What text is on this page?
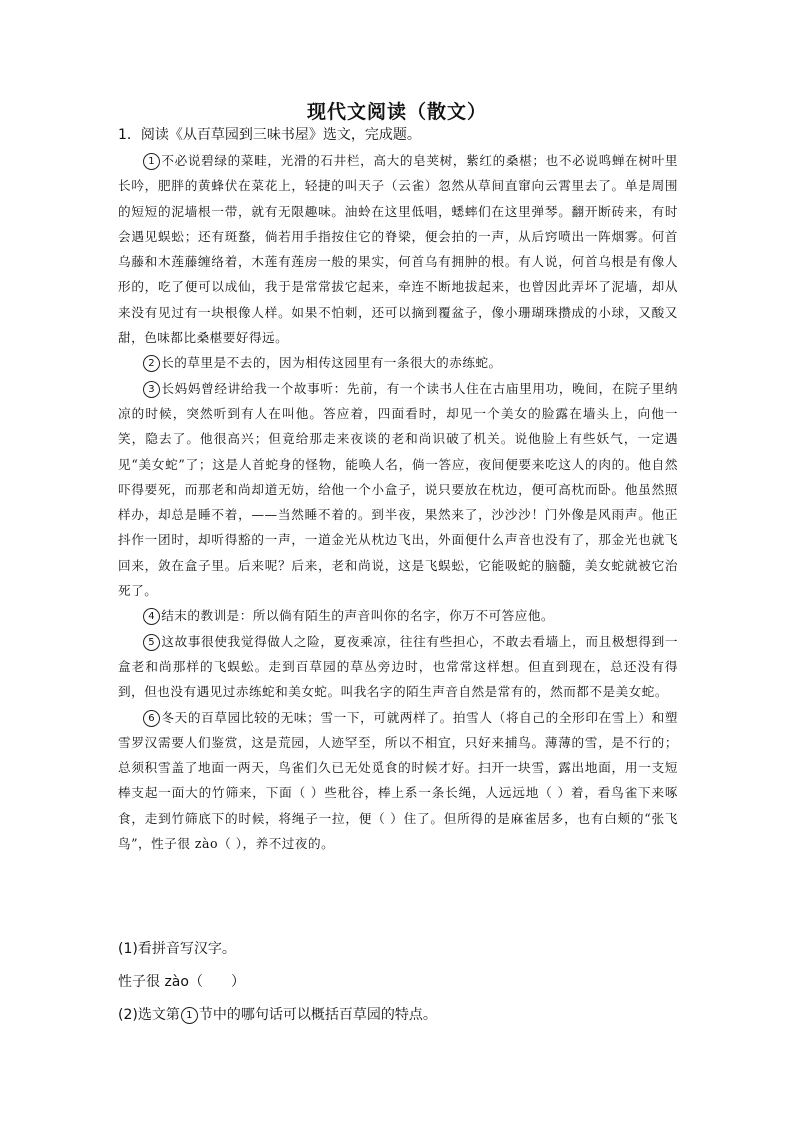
现代文阅读（散文）
1．阅读《从百草园到三味书屋》选文，完成题。

1 不必说碧绿的菜畦，光滑的石井栏，高大的皂荚树，紫红的桑椹；也不必说鸣蝉在树叶里长吟，肥胖的黄蜂伏在菜花上，轻捷的叫天子（云雀）忽然从草间直窜向云霄里去了。单是周围的短短的泥墙根一带，就有无限趣味。油蛉在这里低唱，蟋蟀们在这里弹琴。翻开断砖来，有时会遇见蜈蚣；还有斑蝥，倘若用手指按住它的脊梁，便会拍的一声，从后窍喷出一阵烟雾。何首乌藤和木莲藤缠络着，木莲有莲房一般的果实，何首乌有拥肿的根。有人说，何首乌根是有像人形的，吃了便可以成仙，我于是常常拔它起来，牵连不断地拔起来，也曾因此弄坏了泥墙，却从来没有见过有一块根像人样。如果不怕刺，还可以摘到覆盆子，像小珊瑚珠攒成的小球，又酸又甜，色味都比桑椹要好得远。

2 长的草里是不去的，因为相传这园里有一条很大的赤练蛇。

3 长妈妈曾经讲给我一个故事听：先前，有一个读书人住在古庙里用功，晚间，在院子里纳凉的时候，突然听到有人在叫他。答应着，四面看时，却见一个美女的脸露在墙头上，向他一笑，隐去了。他很高兴；但竟给那走来夜谈的老和尚识破了机关。说他脸上有些妖气，一定遇见“美女蛇”了；这是人首蛇身的怪物，能唤人名，倘一答应，夜间便要来吃这人的肉的。他自然吓得要死，而那老和尚却道无妨，给他一个小盒子，说只要放在枕边，便可高枕而卧。他虽然照样办，却总是睡不着，——当然睡不着的。到半夜，果然来了，沙沙沙！门外像是风雨声。他正抖作一团时，却听得豁的一声，一道金光从枕边飞出，外面便什么声音也没有了，那金光也就飞回来，敛在盒子里。后来呢？后来，老和尚说，这是飞蜈蚣，它能吸蛇的脑髓，美女蛇就被它治死了。

4 结末的教训是：所以倘有陌生的声音叫你的名字，你万不可答应他。

5 这故事很使我觉得做人之险，夏夜乘凉，往往有些担心，不敢去看墙上，而且极想得到一盒老和尚那样的飞蜈蚣。走到百草园的草丛旁边时，也常常这样想。但直到现在，总还没有得到，但也没有遇见过赤练蛇和美女蛇。叫我名字的陌生声音自然是常有的，然而都不是美女蛇。

6 冬天的百草园比较的无味；雪一下，可就两样了。拍雪人（将自己的全形印在雪上）和塑雪罗汉需要人们鉴赏，这是荒园，人迹罕至，所以不相宜，只好来捕鸟。薄薄的雪，是不行的；总须积雪盖了地面一两天，鸟雀们久已无处觅食的时候才好。扫开一块雪，露出地面，用一支短棒支起一面大的竹筛来，下面（ ）些秕谷，棒上系一条长绳，人远远地（ ）着，看鸟雀下来啄食，走到竹筛底下的时候，将绳子一拉，便（ ）住了。但所得的是麻雀居多，也有白颊的“张飞鸟”，性子很 zào（ ），养不过夜的。

(1)看拼音写汉字。
性子很 zào（　　）
(2)选文第 1 节中的哪句话可以概括百草园的特点。
